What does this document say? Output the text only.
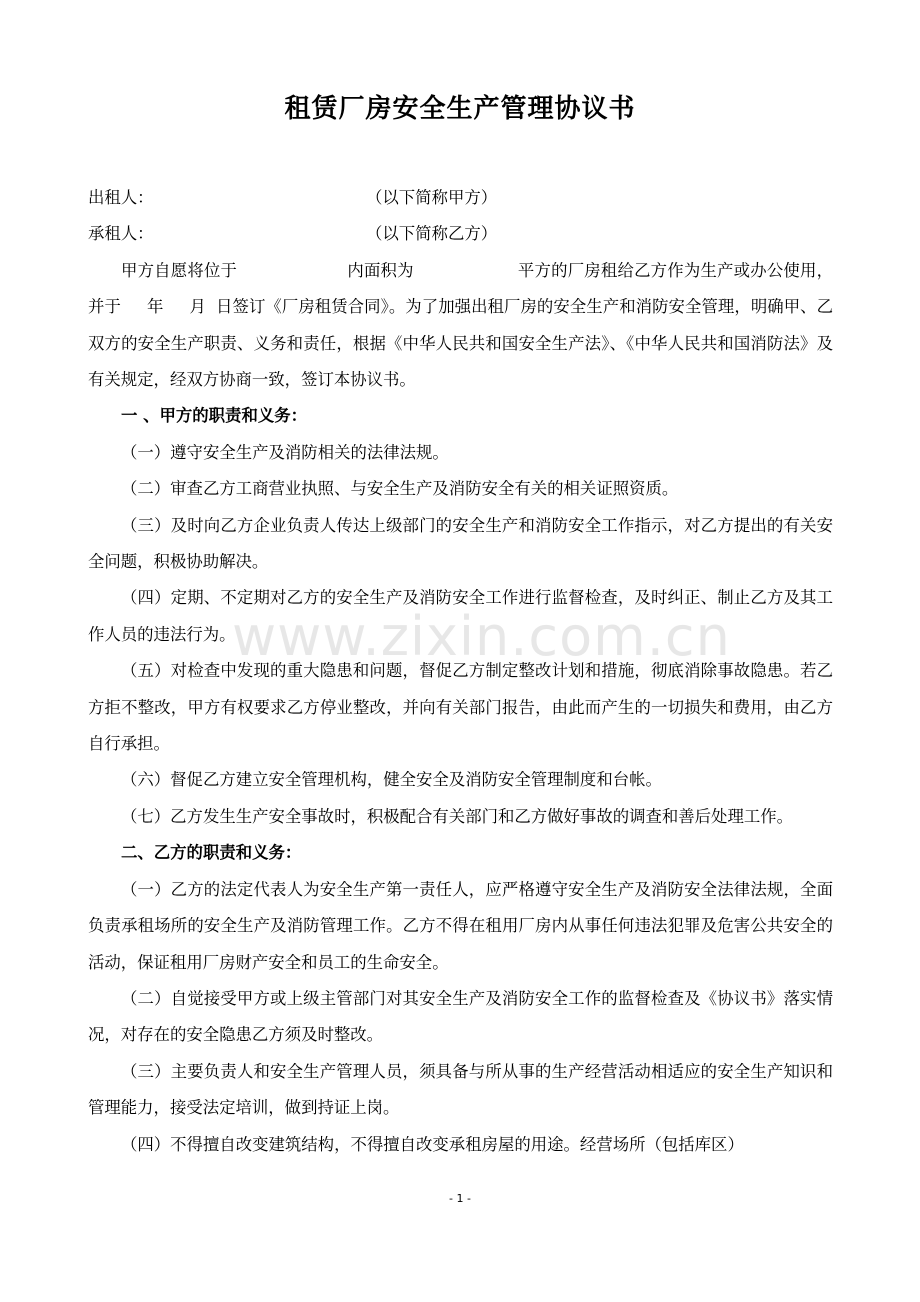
租赁厂房安全生产管理协议书
出租人：	（以下简称甲方）
承租人：	（以下简称乙方）

甲方自愿将位于	内面积为	平方的厂房租给乙方作为生产或办公使用，并于 年 月 日签订《厂房租赁合同》。为了加强出租厂房的安全生产和消防安全管理，明确甲、乙双方的安全生产职责、义务和责任，根据《中华人民共和国安全生产法》、《中华人民共和国消防法》及有关规定，经双方协商一致，签订本协议书。

一 、甲方的职责和义务：

（一）遵守安全生产及消防相关的法律法规。

（二）审查乙方工商营业执照、与安全生产及消防安全有关的相关证照资质。

（三）及时向乙方企业负责人传达上级部门的安全生产和消防安全工作指示，对乙方提出的有关安全问题，积极协助解决。

（四）定期、不定期对乙方的安全生产及消防安全工作进行监督检查，及时纠正、制止乙方及其工作人员的违法行为。

（五）对检查中发现的重大隐患和问题，督促乙方制定整改计划和措施，彻底消除事故隐患。若乙方拒不整改，甲方有权要求乙方停业整改，并向有关部门报告，由此而产生的一切损失和费用，由乙方自行承担。

（六）督促乙方建立安全管理机构，健全安全及消防安全管理制度和台帐。

（七）乙方发生生产安全事故时，积极配合有关部门和乙方做好事故的调查和善后处理工作。

二、乙方的职责和义务：

（一）乙方的法定代表人为安全生产第一责任人，应严格遵守安全生产及消防安全法律法规，全面负责承租场所的安全生产及消防管理工作。乙方不得在租用厂房内从事任何违法犯罪及危害公共安全的活动，保证租用厂房财产安全和员工的生命安全。

（二）自觉接受甲方或上级主管部门对其安全生产及消防安全工作的监督检查及《协议书》落实情况，对存在的安全隐患乙方须及时整改。

（三）主要负责人和安全生产管理人员，须具备与所从事的生产经营活动相适应的安全生产知识和管理能力，接受法定培训，做到持证上岗。

（四）不得擅自改变建筑结构，不得擅自改变承租房屋的用途。经营场所（包括库区）

www.zixin.com.cn
- 1 -
